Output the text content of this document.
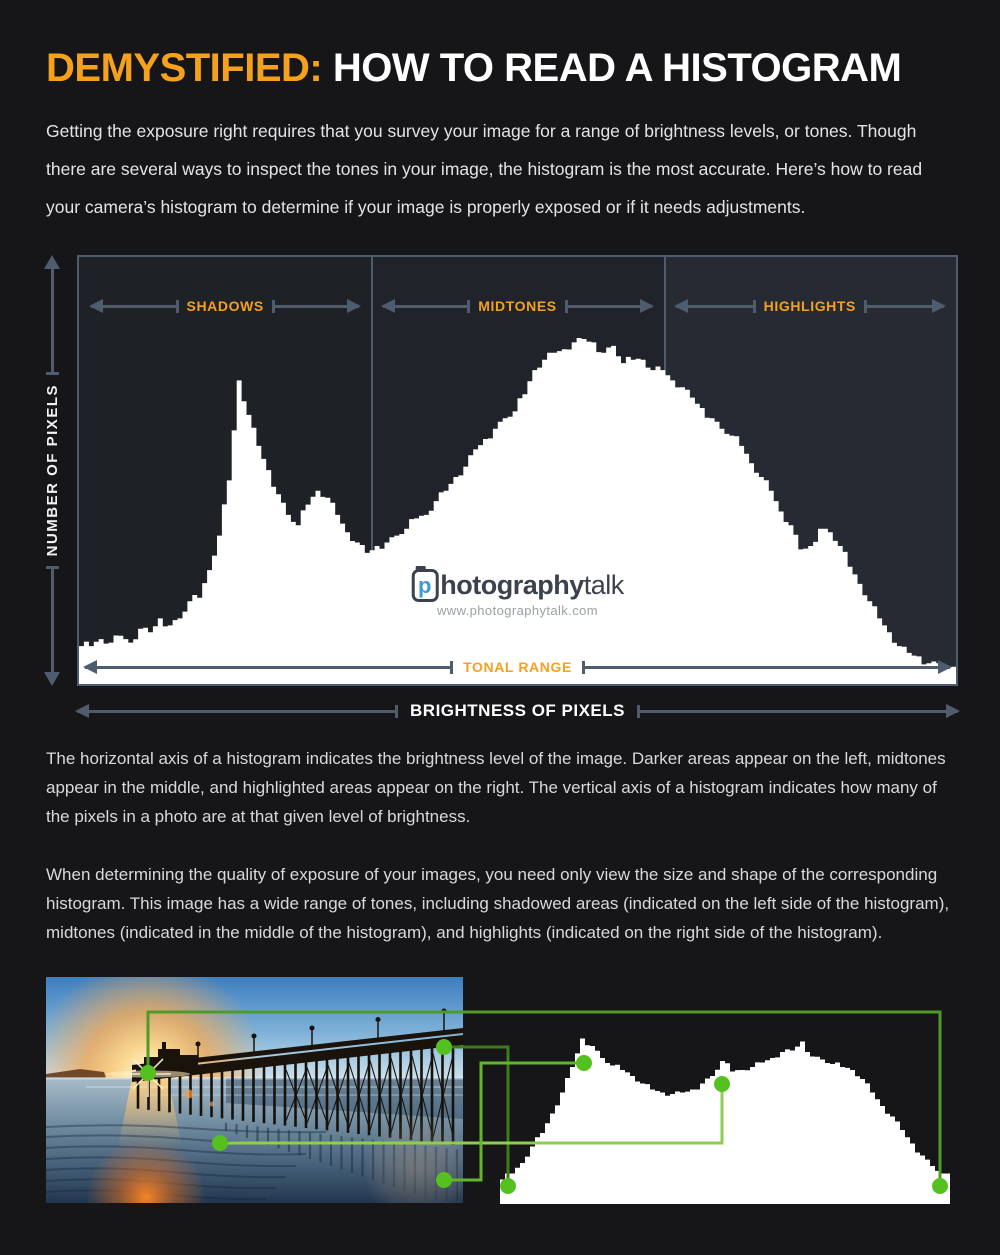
DEMYSTIFIED: HOW TO READ A HISTOGRAM

Getting the exposure right requires that you survey your image for a range of brightness levels, or tones. Though there are several ways to inspect the tones in your image, the histogram is the most accurate. Here’s how to read your camera’s histogram to determine if your image is properly exposed or if it needs adjustments.

NUMBER OF PIXELS
SHADOWS	MIDTONES	HIGHLIGHTS
TONAL RANGE
p hotography talk
www.photographytalk.com
BRIGHTNESS OF PIXELS

The horizontal axis of a histogram indicates the brightness level of the image. Darker areas appear on the left, midtones appear in the middle, and highlighted areas appear on the right. The vertical axis of a histogram indicates how many of the pixels in a photo are at that given level of brightness.

When determining the quality of exposure of your images, you need only view the size and shape of the corresponding histogram. This image has a wide range of tones, including shadowed areas (indicated on the left side of the histogram), midtones (indicated in the middle of the histogram), and highlights (indicated on the right side of the histogram).
